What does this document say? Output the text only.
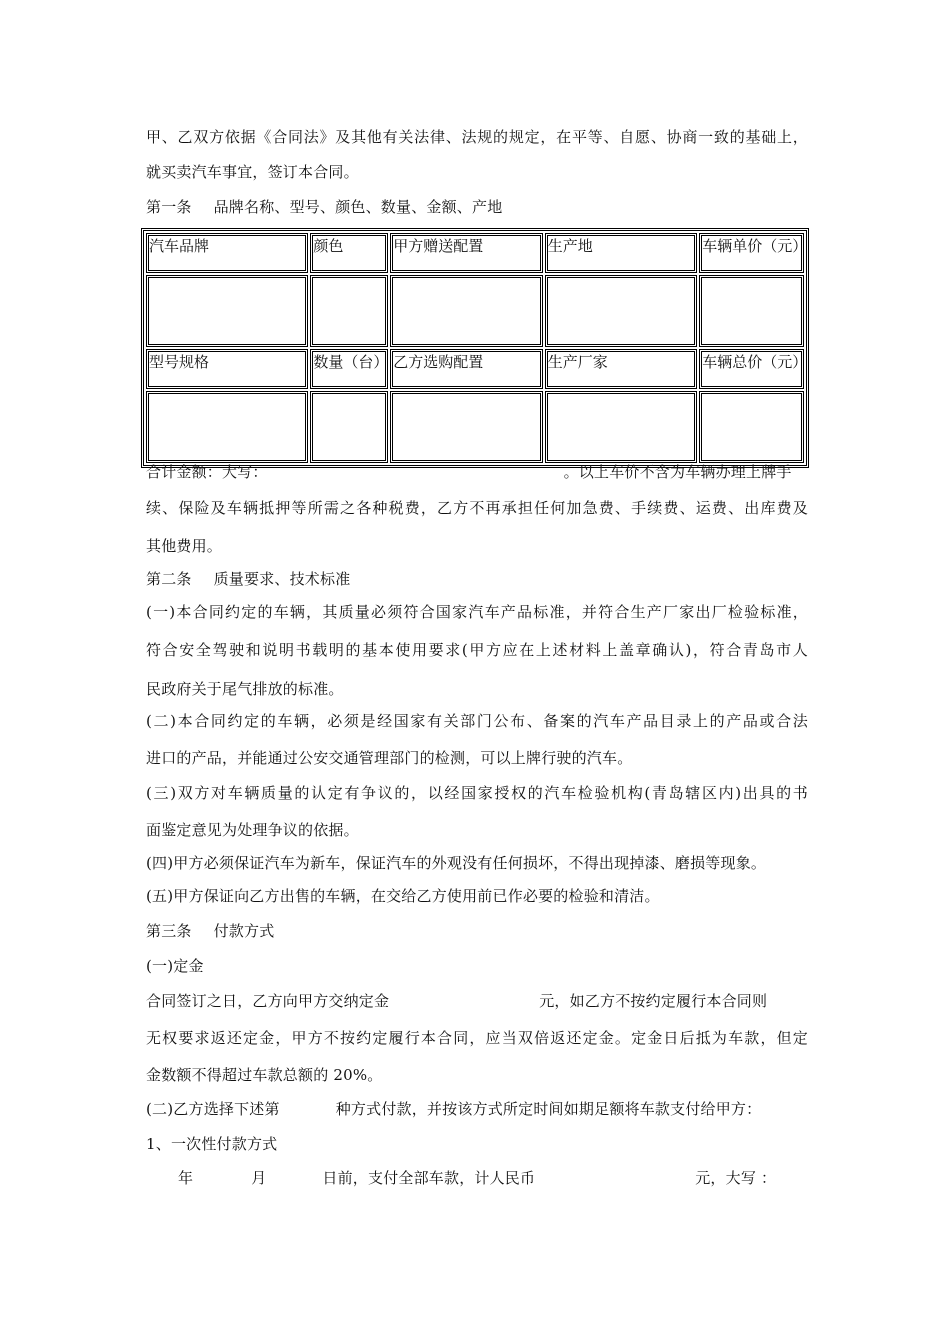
甲、乙双方依据《合同法》及其他有关法律、法规的规定，在平等、自愿、协商一致的基础上，
就买卖汽车事宜，签订本合同。
第一条 品牌名称、型号、颜色、数量、金额、产地
汽车品牌	颜色	甲方赠送配置	生产地	车辆单价（元）

型号规格	数量（台）	乙方选购配置	生产厂家	车辆总价（元）

合计金额：大写：	。以上车价不含为车辆办理上牌手
续、保险及车辆抵押等所需之各种税费，乙方不再承担任何加急费、手续费、运费、出库费及
其他费用。
第二条 质量要求、技术标准
(一)本合同约定的车辆，其质量必须符合国家汽车产品标准，并符合生产厂家出厂检验标准，
符合安全驾驶和说明书载明的基本使用要求(甲方应在上述材料上盖章确认)，符合青岛市人
民政府关于尾气排放的标准。
(二)本合同约定的车辆，必须是经国家有关部门公布、备案的汽车产品目录上的产品或合法
进口的产品，并能通过公安交通管理部门的检测，可以上牌行驶的汽车。
(三)双方对车辆质量的认定有争议的，以经国家授权的汽车检验机构(青岛辖区内)出具的书
面鉴定意见为处理争议的依据。
(四)甲方必须保证汽车为新车，保证汽车的外观没有任何损坏，不得出现掉漆、磨损等现象。
(五)甲方保证向乙方出售的车辆，在交给乙方使用前已作必要的检验和清洁。
第三条 付款方式
(一)定金
合同签订之日，乙方向甲方交纳定金	元，如乙方不按约定履行本合同则
无权要求返还定金，甲方不按约定履行本合同，应当双倍返还定金。定金日后抵为车款，但定
金数额不得超过车款总额的 20%。
(二)乙方选择下述第	种方式付款，并按该方式所定时间如期足额将车款支付给甲方：
1、一次性付款方式
年	月	日前，支付全部车款，计人民币	元，大写 ：
